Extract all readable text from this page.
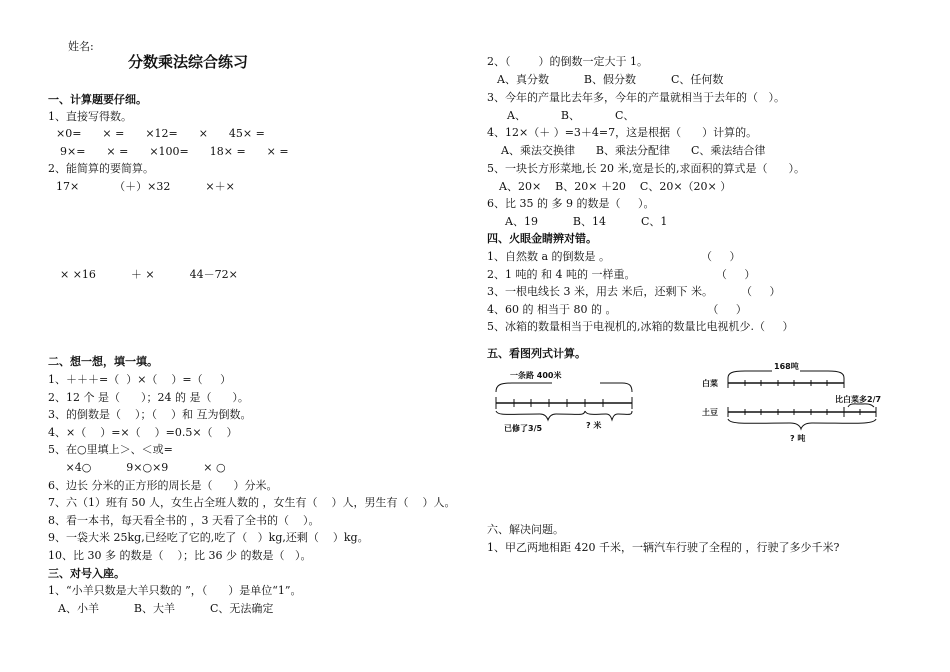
姓名:
分数乘法综合练习
一、计算题要仔细。
1、直接写得数。
×0=      × =      ×12=      ×      45× =
9×=      × =      ×100=      18× =      × =
2、能简算的要简算。
17×          （＋）×32          ×＋×
× ×16          ＋ ×          44－72×
二、想一想，填一填。
1、＋＋＋=（  ）×（    ）=（     ）
2、12 个 是（      ）；24 的 是（      ）。
3、的倒数是（    ）；（    ）和 互为倒数。
4、×（    ）=×（    ）=0.5×（    ）
5、在○里填上＞、＜或=
×4○          9×○×9          × ○
6、边长 分米的正方形的周长是（      ）分米。
7、六（1）班有 50 人，女生占全班人数的 ，女生有（    ）人，男生有（    ）人。
8、看一本书，每天看全书的 ，3 天看了全书的（    ）。
9、一袋大米 25kg,已经吃了它的,吃了（   ）kg,还剩（    ）kg。
10、比 30 多 的数是（    ）；比 36 少 的数是（   ）。
三、对号入座。
1、“小羊只数是大羊只数的 ”，（      ）是单位“1”。
A、小羊          B、大羊          C、无法确定
2、（        ）的倒数一定大于 1。
A、真分数          B、假分数          C、任何数
3、今年的产量比去年多，今年的产量就相当于去年的（   ）。
A、          B、          C、
4、12×（＋ ）=3＋4=7，这是根据（      ）计算的。
A、乘法交换律      B、乘法分配律      C、乘法结合律
5、一块长方形菜地,长 20 米,宽是长的,求面积的算式是（      ）。
A、20×    B、20× ＋20    C、20×（20× ）
6、比 35 的 多 9 的数是（     ）。
A、19          B、14          C、1
四、火眼金睛辨对错。
1、自然数 a 的倒数是 。                          （     ）
2、1 吨的 和 4 吨的 一样重。                       （     ）
3、一根电线长 3 米，用去 米后，还剩下 米。        （     ）
4、60 的 相当于 80 的 。                          （     ）
5、冰箱的数量相当于电视机的,冰箱的数量比电视机少.（     ）
五、看图列式计算。
一条路 400米
已修了3/5	? 米
168吨
白菜
土豆
比白菜多2/7
? 吨
六、解决问题。
1、甲乙两地相距 420 千米，一辆汽车行驶了全程的 ，行驶了多少千米?
